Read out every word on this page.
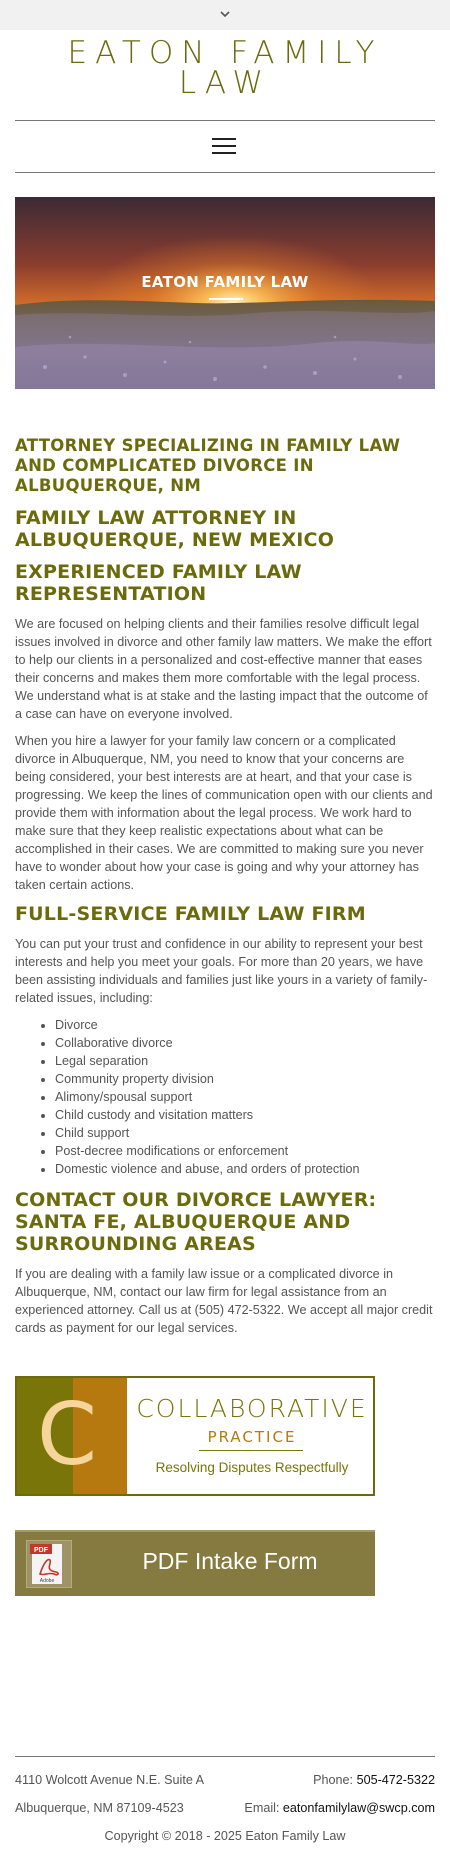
EATON FAMILY
LAW
EATON FAMILY LAW
ATTORNEY SPECIALIZING IN FAMILY LAW AND COMPLICATED DIVORCE IN ALBUQUERQUE, NM
FAMILY LAW ATTORNEY IN ALBUQUERQUE, NEW MEXICO
EXPERIENCED FAMILY LAW REPRESENTATION

We are focused on helping clients and their families resolve difficult legal issues involved in divorce and other family law matters. We make the effort to help our clients in a personalized and cost-effective manner that eases their concerns and makes them more comfortable with the legal process. We understand what is at stake and the lasting impact that the outcome of a case can have on everyone involved.

When you hire a lawyer for your family law concern or a complicated divorce in Albuquerque, NM, you need to know that your concerns are being considered, your best interests are at heart, and that your case is progressing. We keep the lines of communication open with our clients and provide them with information about the legal process. We work hard to make sure that they keep realistic expectations about what can be accomplished in their cases. We are committed to making sure you never have to wonder about how your case is going and why your attorney has taken certain actions.

FULL-SERVICE FAMILY LAW FIRM

You can put your trust and confidence in our ability to represent your best interests and help you meet your goals. For more than 20 years, we have been assisting individuals and families just like yours in a variety of family-related issues, including:

• Divorce
• Collaborative divorce
• Legal separation
• Community property division
• Alimony/spousal support
• Child custody and visitation matters
• Child support
• Post-decree modifications or enforcement
• Domestic violence and abuse, and orders of protection
CONTACT OUR DIVORCE LAWYER: SANTA FE, ALBUQUERQUE AND SURROUNDING AREAS

If you are dealing with a family law issue or a complicated divorce in Albuquerque, NM, contact our law firm for legal assistance from an experienced attorney. Call us at (505) 472-5322. We accept all major credit cards as payment for our legal services.

C COLLABORATIVE
PRACTICE
Resolving Disputes Respectfully
PDF
Adobe
PDF Intake Form
4110 Wolcott Avenue N.E. Suite A
Albuquerque, NM 87109-4523
Phone: 505-472-5322
Email: eatonfamilylaw@swcp.com
Copyright © 2018 - 2025 Eaton Family Law
